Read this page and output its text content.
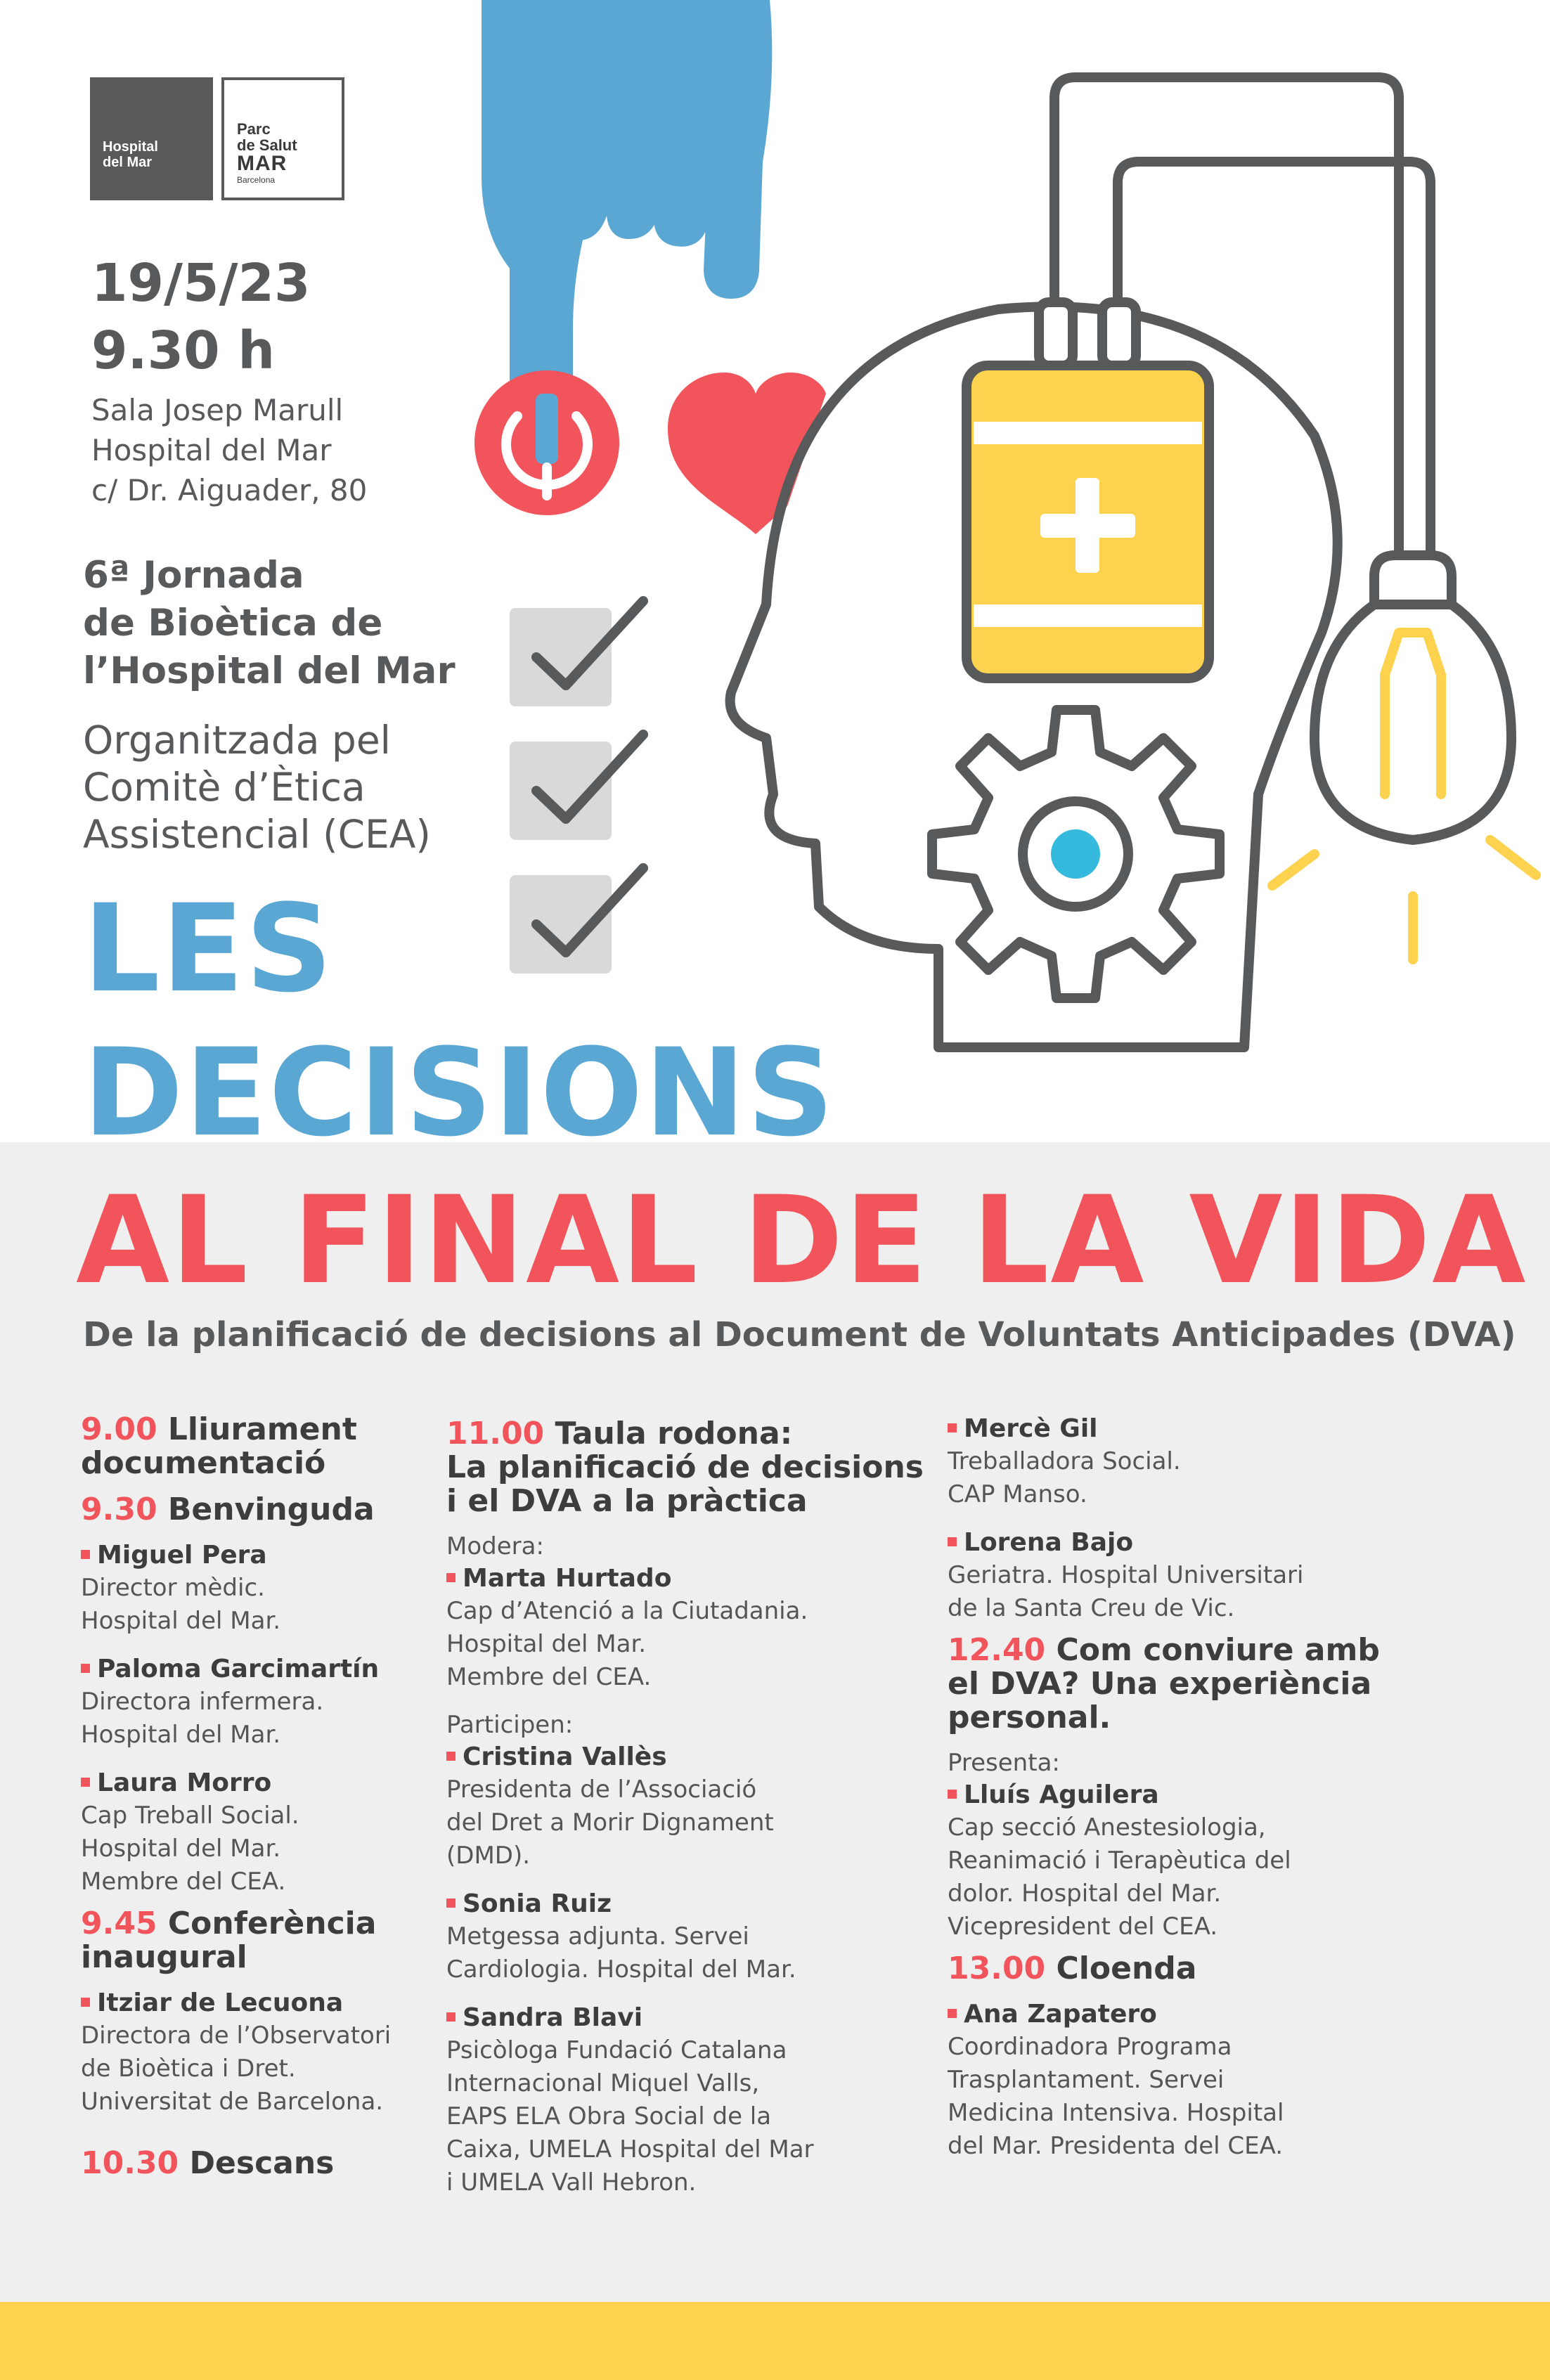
Hospital
del Mar
Parc
de Salut
MAR
Barcelona
19/5/23
9.30 h
Sala Josep Marull
Hospital del Mar
c/ Dr. Aiguader, 80
6ª Jornada
de Bioètica de
l’Hospital del Mar
Organitzada pel
Comitè d’Ètica
Assistencial (CEA)
LES
DECISIONS
AL FINAL DE LA VIDA
De la planificació de decisions al Document de Voluntats Anticipades (DVA)
9.00 Lliurament documentació
9.30 Benvinguda
Miguel Pera
Director mèdic.
Hospital del Mar.
Paloma Garcimartín
Directora infermera.
Hospital del Mar.
Laura Morro
Cap Treball Social.
Hospital del Mar.
Membre del CEA.
9.45 Conferència inaugural
Itziar de Lecuona
Directora de l’Observatori
de Bioètica i Dret.
Universitat de Barcelona.
10.30 Descans
11.00 Taula rodona:
La planificació de decisions
i el DVA a la pràctica
Modera:
Marta Hurtado
Cap d’Atenció a la Ciutadania.
Hospital del Mar.
Membre del CEA.
Participen:
Cristina Vallès
Presidenta de l’Associació
del Dret a Morir Dignament
(DMD).
Sonia Ruiz
Metgessa adjunta. Servei
Cardiologia. Hospital del Mar.
Sandra Blavi
Psicòloga Fundació Catalana
Internacional Miquel Valls,
EAPS ELA Obra Social de la
Caixa, UMELA Hospital del Mar
i UMELA Vall Hebron.
Mercè Gil
Treballadora Social.
CAP Manso.
Lorena Bajo
Geriatra. Hospital Universitari
de la Santa Creu de Vic.
12.40 Com conviure amb
el DVA? Una experiència
personal.
Presenta:
Lluís Aguilera
Cap secció Anestesiologia,
Reanimació i Terapèutica del
dolor. Hospital del Mar.
Vicepresident del CEA.
13.00 Cloenda
Ana Zapatero
Coordinadora Programa
Trasplantament. Servei
Medicina Intensiva. Hospital
del Mar. Presidenta del CEA.
